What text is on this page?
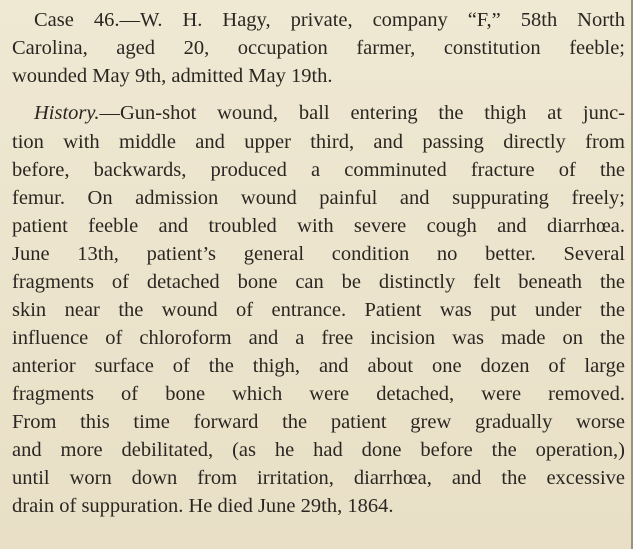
Case 46.—W. H. Hagy, private, company “F,” 58th North
Carolina, aged 20, occupation farmer, constitution feeble;
wounded May 9th, admitted May 19th.
History.—Gun-shot wound, ball entering the thigh at junc-
tion with middle and upper third, and passing directly from
before, backwards, produced a comminuted fracture of the
femur. On admission wound painful and suppurating freely;
patient feeble and troubled with severe cough and diarrhœa.
June 13th, patient’s general condition no better. Several
fragments of detached bone can be distinctly felt beneath the
skin near the wound of entrance. Patient was put under the
influence of chloroform and a free incision was made on the
anterior surface of the thigh, and about one dozen of large
fragments of bone which were detached, were removed.
From this time forward the patient grew gradually worse
and more debilitated, (as he had done before the operation,)
until worn down from irritation, diarrhœa, and the excessive
drain of suppuration. He died June 29th, 1864.
